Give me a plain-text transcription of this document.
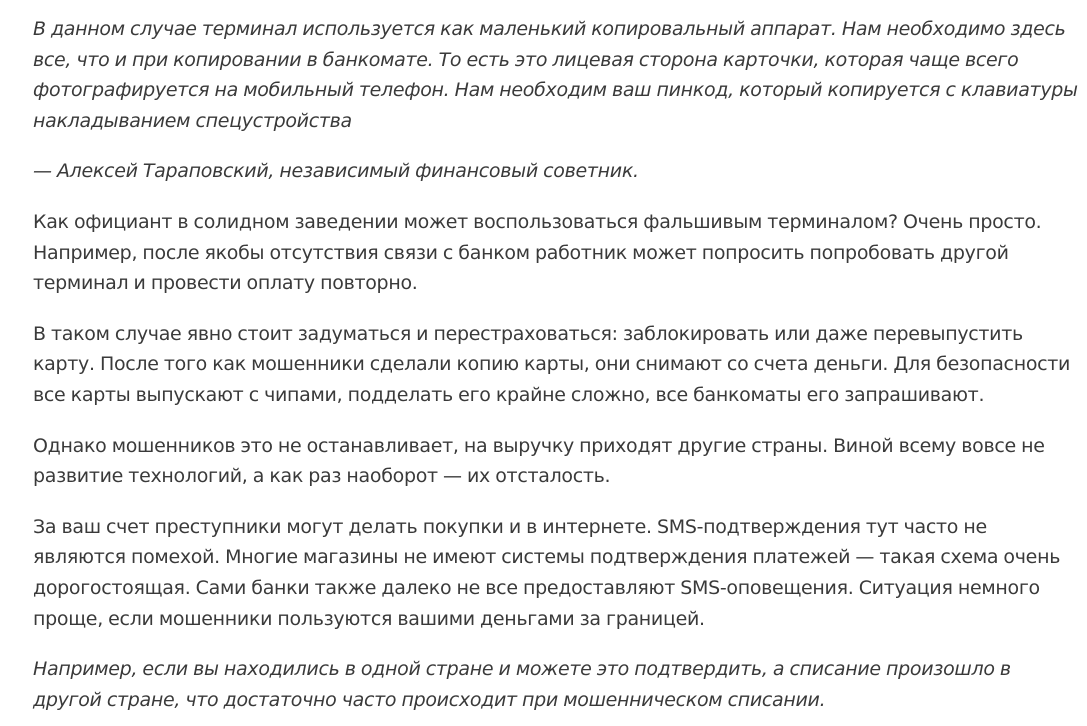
В данном случае терминал используется как маленький копировальный аппарат. Нам необходимо здесь все, что и при копировании в банкомате. То есть это лицевая сторона карточки, которая чаще всего фотографируется на мобильный телефон. Нам необходим ваш пинкод, который копируется с клавиатуры накладыванием спецустройства

— Алексей Тараповский, независимый финансовый советник.

Как официант в солидном заведении может воспользоваться фальшивым терминалом? Очень просто. Например, после якобы отсутствия связи с банком работник может попросить попробовать другой терминал и провести оплату повторно.

В таком случае явно стоит задуматься и перестраховаться: заблокировать или даже перевыпустить карту. После того как мошенники сделали копию карты, они снимают со счета деньги. Для безопасности все карты выпускают с чипами, подделать его крайне сложно, все банкоматы его запрашивают.

Однако мошенников это не останавливает, на выручку приходят другие страны. Виной всему вовсе не развитие технологий, а как раз наоборот — их отсталость.

За ваш счет преступники могут делать покупки и в интернете. SMS-подтверждения тут часто не являются помехой. Многие магазины не имеют системы подтверждения платежей — такая схема очень дорогостоящая. Сами банки также далеко не все предоставляют SMS-оповещения. Ситуация немного проще, если мошенники пользуются вашими деньгами за границей.

Например, если вы находились в одной стране и можете это подтвердить, а списание произошло в другой стране, что достаточно часто происходит при мошенническом списании.
